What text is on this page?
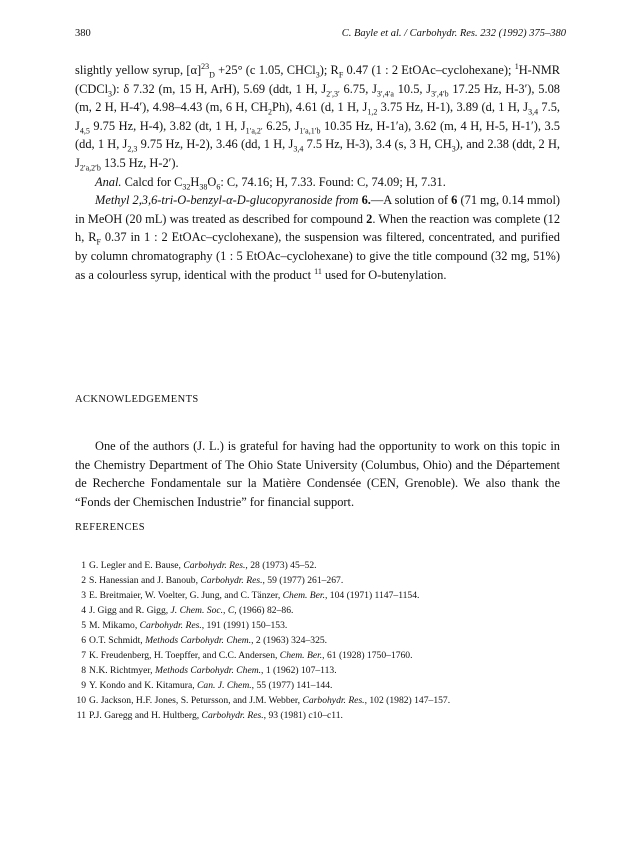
380	C. Bayle et al. / Carbohydr. Res. 232 (1992) 375–380

slightly yellow syrup, $[\alpha]^{23}_D +25^\circ$ (c 1.05, CHCl$_3$); $R_F$ 0.47 (1 : 2 EtOAc–cyclohexane); $^1$H-NMR (CDCl$_3$): δ 7.32 (m, 15 H, ArH), 5.69 (ddt, 1 H, $J_{2',3'}$ 6.75, $J_{3',4'a}$ 10.5, $J_{3',4'b}$ 17.25 Hz, H-3′), 5.08 (m, 2 H, H-4′), 4.98–4.43 (m, 6 H, $CH_2Ph$), 4.61 (d, 1 H, $J_{1,2}$ 3.75 Hz, H-1), 3.89 (d, 1 H, $J_{3,4}$ 7.5, $J_{4,5}$ 9.75 Hz, H-4), 3.82 (dt, 1 H, $J_{1'a,2'}$ 6.25, $J_{1'a,1'b}$ 10.35 Hz, H-1′a), 3.62 (m, 4 H, H-5, H-1′), 3.5 (dd, 1 H, $J_{2,3}$ 9.75 Hz, H-2), 3.46 (dd, 1 H, $J_{3,4}$ 7.5 Hz, H-3), 3.4 (s, 3 H, $CH_3$), and 2.38 (ddt, 2 H, $J_{2'a,2'b}$ 13.5 Hz, H-2′).

Anal. Calcd for $C_{32}H_{38}O_6$: C, 74.16; H, 7.33. Found: C, 74.09; H, 7.31.

Methyl 2,3,6-tri-O-benzyl-α-D-glucopyranoside from 6.—A solution of 6 (71 mg, 0.14 mmol) in MeOH (20 mL) was treated as described for compound 2. When the reaction was complete (12 h, $R_F$ 0.37 in 1 : 2 EtOAc–cyclohexane), the suspension was filtered, concentrated, and purified by column chromatography (1 : 5 EtOAc–cyclohexane) to give the title compound (32 mg, 51%) as a colourless syrup, identical with the product $^{11}$ used for O-butenylation.

ACKNOWLEDGEMENTS

One of the authors (J. L.) is grateful for having had the opportunity to work on this topic in the Chemistry Department of The Ohio State University (Columbus, Ohio) and the Département de Recherche Fondamentale sur la Matière Condensée (CEN, Grenoble). We also thank the “Fonds der Chemischen Industrie” for financial support.

REFERENCES
1 G. Legler and E. Bause, Carbohydr. Res., 28 (1973) 45–52.
2 S. Hanessian and J. Banoub, Carbohydr. Res., 59 (1977) 261–267.
3 E. Breitmaier, W. Voelter, G. Jung, and C. Tänzer, Chem. Ber., 104 (1971) 1147–1154.
4 J. Gigg and R. Gigg, J. Chem. Soc., C, (1966) 82–86.
5 M. Mikamo, Carbohydr. Res., 191 (1991) 150–153.
6 O.T. Schmidt, Methods Carbohydr. Chem., 2 (1963) 324–325.
7 K. Freudenberg, H. Toepffer, and C.C. Andersen, Chem. Ber., 61 (1928) 1750–1760.
8 N.K. Richtmyer, Methods Carbohydr. Chem., 1 (1962) 107–113.
9 Y. Kondo and K. Kitamura, Can. J. Chem., 55 (1977) 141–144.
10 G. Jackson, H.F. Jones, S. Petursson, and J.M. Webber, Carbohydr. Res., 102 (1982) 147–157.
11 P.J. Garegg and H. Hultberg, Carbohydr. Res., 93 (1981) c10–c11.
